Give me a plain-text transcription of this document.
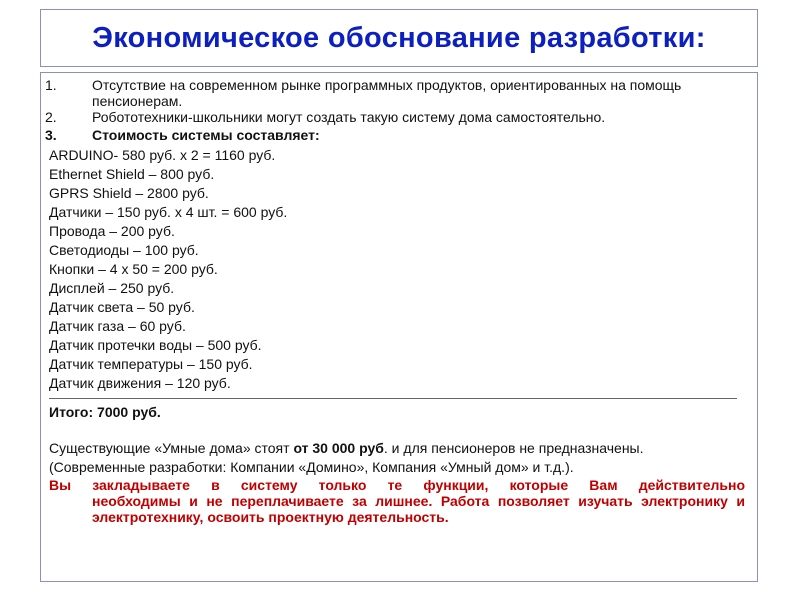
Экономическое обоснование разработки:
1.	Отсутствие на современном рынке программных продуктов, ориентированных на помощь пенсионерам.
2.	Робототехники-школьники могут создать такую систему дома самостоятельно.
3.	Стоимость системы составляет:
ARDUINO- 580 руб. х 2 = 1160 руб.
Ethernet Shield – 800 руб.
GPRS Shield – 2800 руб.
Датчики – 150 руб. х 4 шт. = 600 руб.
Провода – 200 руб.
Светодиоды – 100 руб.
Кнопки – 4 х 50 = 200 руб.
Дисплей – 250 руб.
Датчик света – 50 руб.
Датчик газа – 60 руб.
Датчик протечки воды – 500 руб.
Датчик температуры – 150 руб.
Датчик движения – 120 руб.
Итого: 7000 руб.
Существующие «Умные дома» стоят от 30 000 руб. и для пенсионеров не предназначены.
(Современные разработки: Компании «Домино», Компания «Умный дом» и т.д.).
Вы закладываете в систему только те функции, которые Вам действительно
необходимы и не переплачиваете за лишнее. Работа позволяет изучать электронику и электротехнику, освоить проектную деятельность.
